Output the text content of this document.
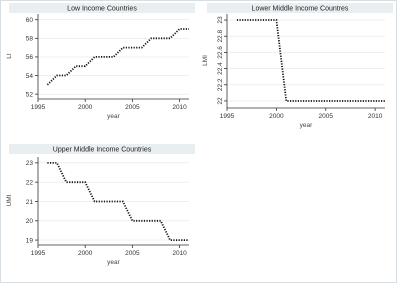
Low Income Countries
1995	2000	2005	2010
52
54
56
58
60
year
LI
Lower Middle Income Countres
1995	2000	2005	2010
22
22.2
22.4
22.6
22.8
23
year
LMI
Upper Middle Income Countries
1995	2000	2005	2010
19
20
21
22
23
year
UMI
